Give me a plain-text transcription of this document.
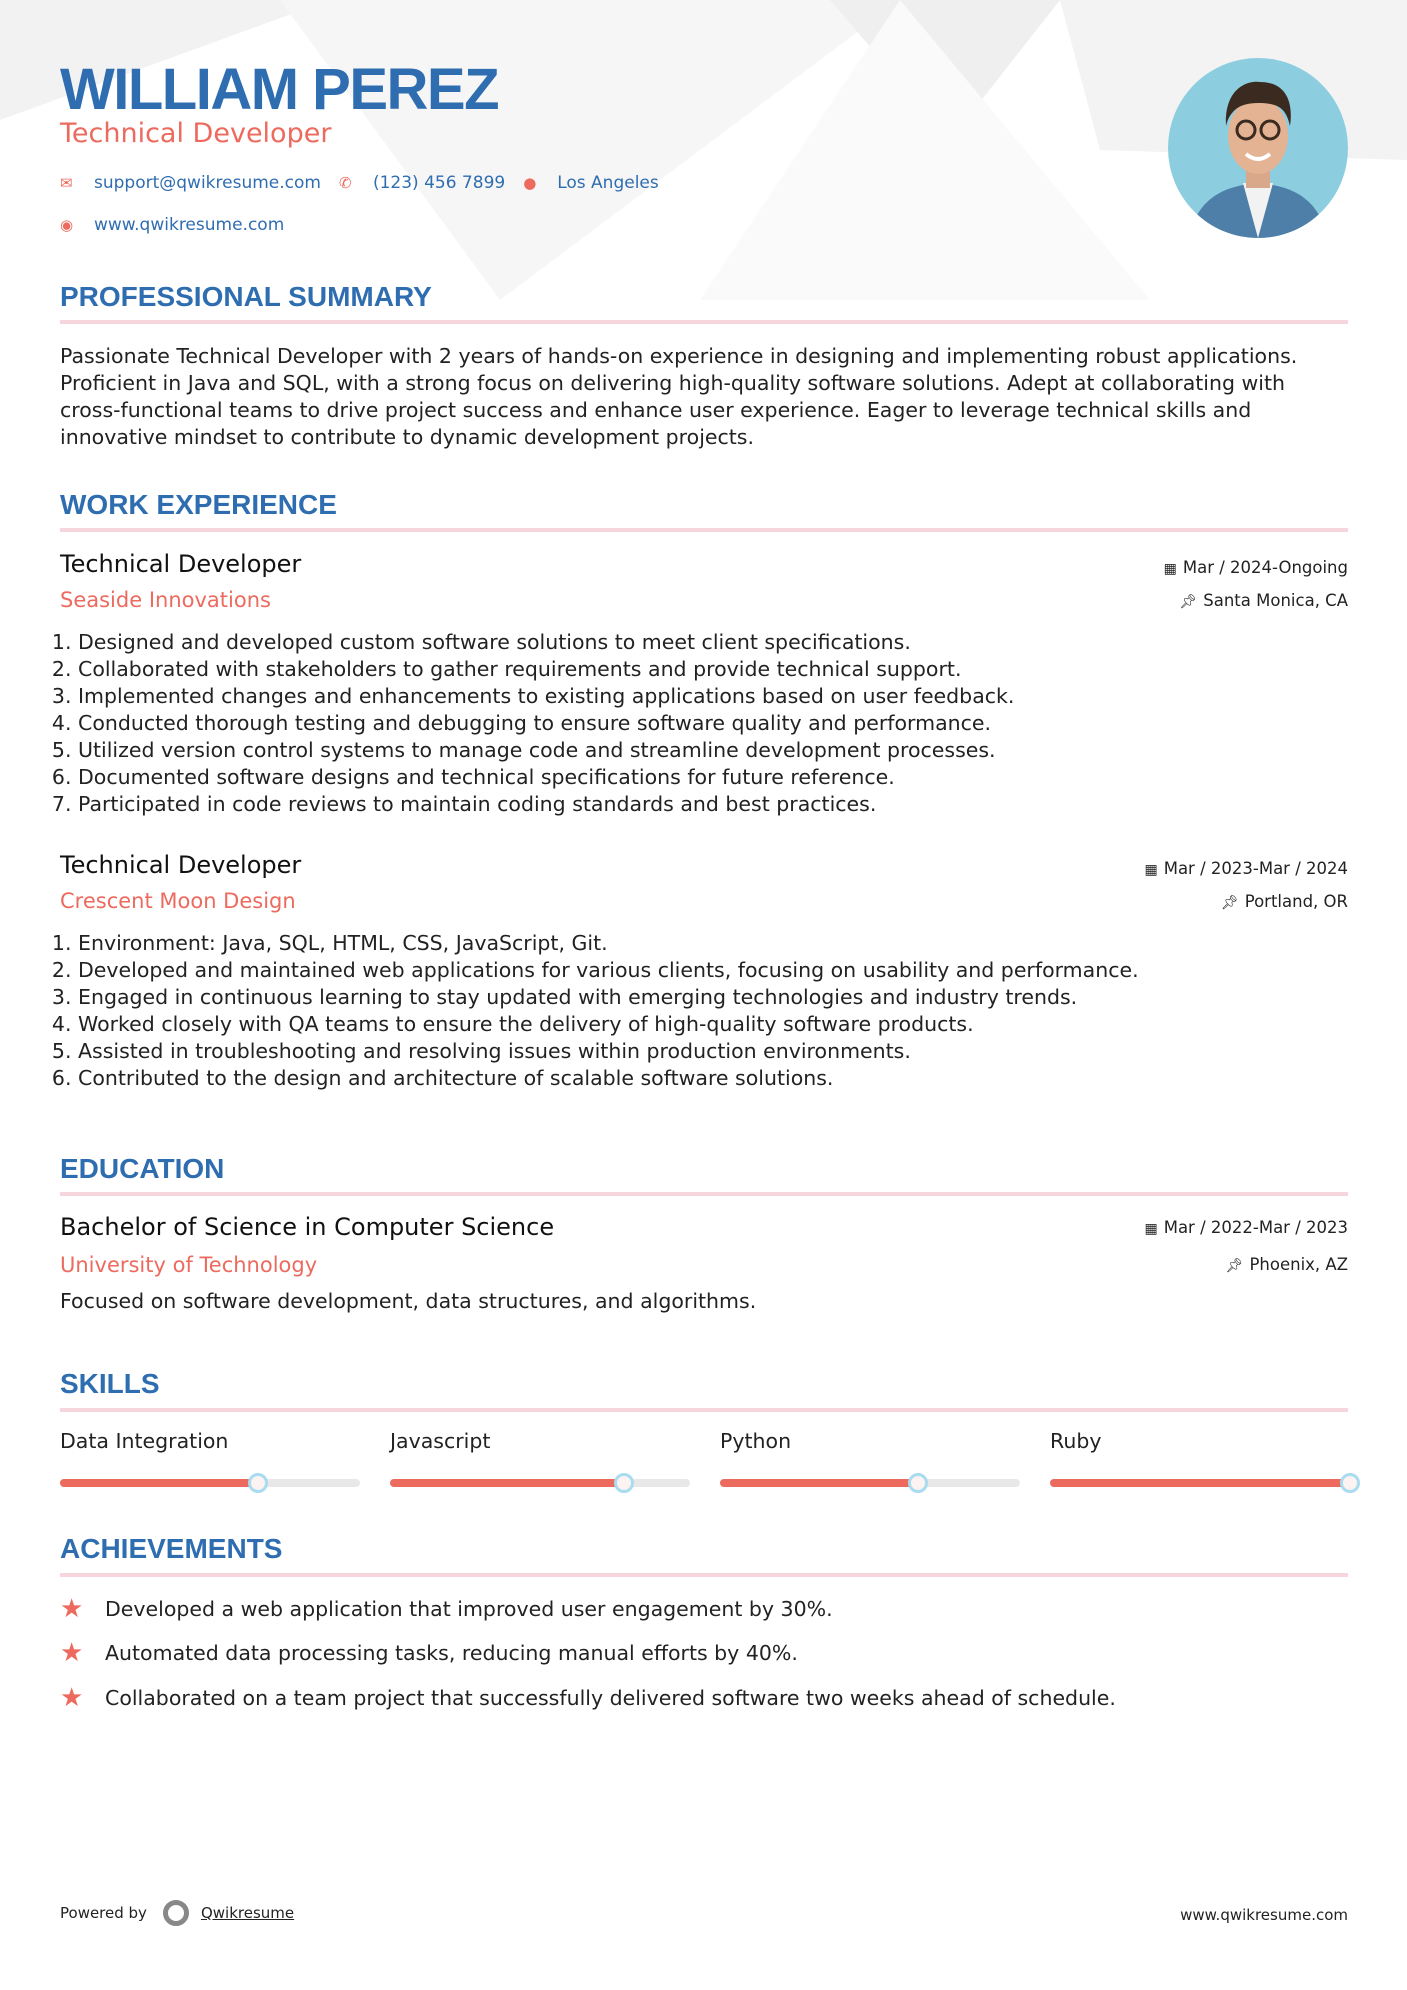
WILLIAM PEREZ
Technical Developer
✉	support@qwikresume.com ✆	(123) 456 7899 ●	Los Angeles
◉	www.qwikresume.com
PROFESSIONAL SUMMARY
Passionate Technical Developer with 2 years of hands-on experience in designing and implementing robust applications. Proficient in Java and SQL, with a strong focus on delivering high-quality software solutions. Adept at collaborating with cross-functional teams to drive project success and enhance user experience. Eager to leverage technical skills and innovative mindset to contribute to dynamic development projects.
WORK EXPERIENCE
Technical Developer
Seaside Innovations
▦ Mar / 2024-Ongoing
📌︎ Santa Monica, CA
1. Designed and developed custom software solutions to meet client specifications.
2. Collaborated with stakeholders to gather requirements and provide technical support.
3. Implemented changes and enhancements to existing applications based on user feedback.
4. Conducted thorough testing and debugging to ensure software quality and performance.
5. Utilized version control systems to manage code and streamline development processes.
6. Documented software designs and technical specifications for future reference.
7. Participated in code reviews to maintain coding standards and best practices.
Technical Developer
Crescent Moon Design
▦ Mar / 2023-Mar / 2024
📌︎ Portland, OR
1. Environment: Java, SQL, HTML, CSS, JavaScript, Git.
2. Developed and maintained web applications for various clients, focusing on usability and performance.
3. Engaged in continuous learning to stay updated with emerging technologies and industry trends.
4. Worked closely with QA teams to ensure the delivery of high-quality software products.
5. Assisted in troubleshooting and resolving issues within production environments.
6. Contributed to the design and architecture of scalable software solutions.
EDUCATION
Bachelor of Science in Computer Science
University of Technology
▦ Mar / 2022-Mar / 2023
📌︎ Phoenix, AZ
Focused on software development, data structures, and algorithms.
SKILLS
Data Integration	Javascript	Python	Ruby
ACHIEVEMENTS
★	Developed a web application that improved user engagement by 30%.
★	Automated data processing tasks, reducing manual efforts by 40%.
★	Collaborated on a team project that successfully delivered software two weeks ahead of schedule.
Powered by	Qwikresume	www.qwikresume.com
